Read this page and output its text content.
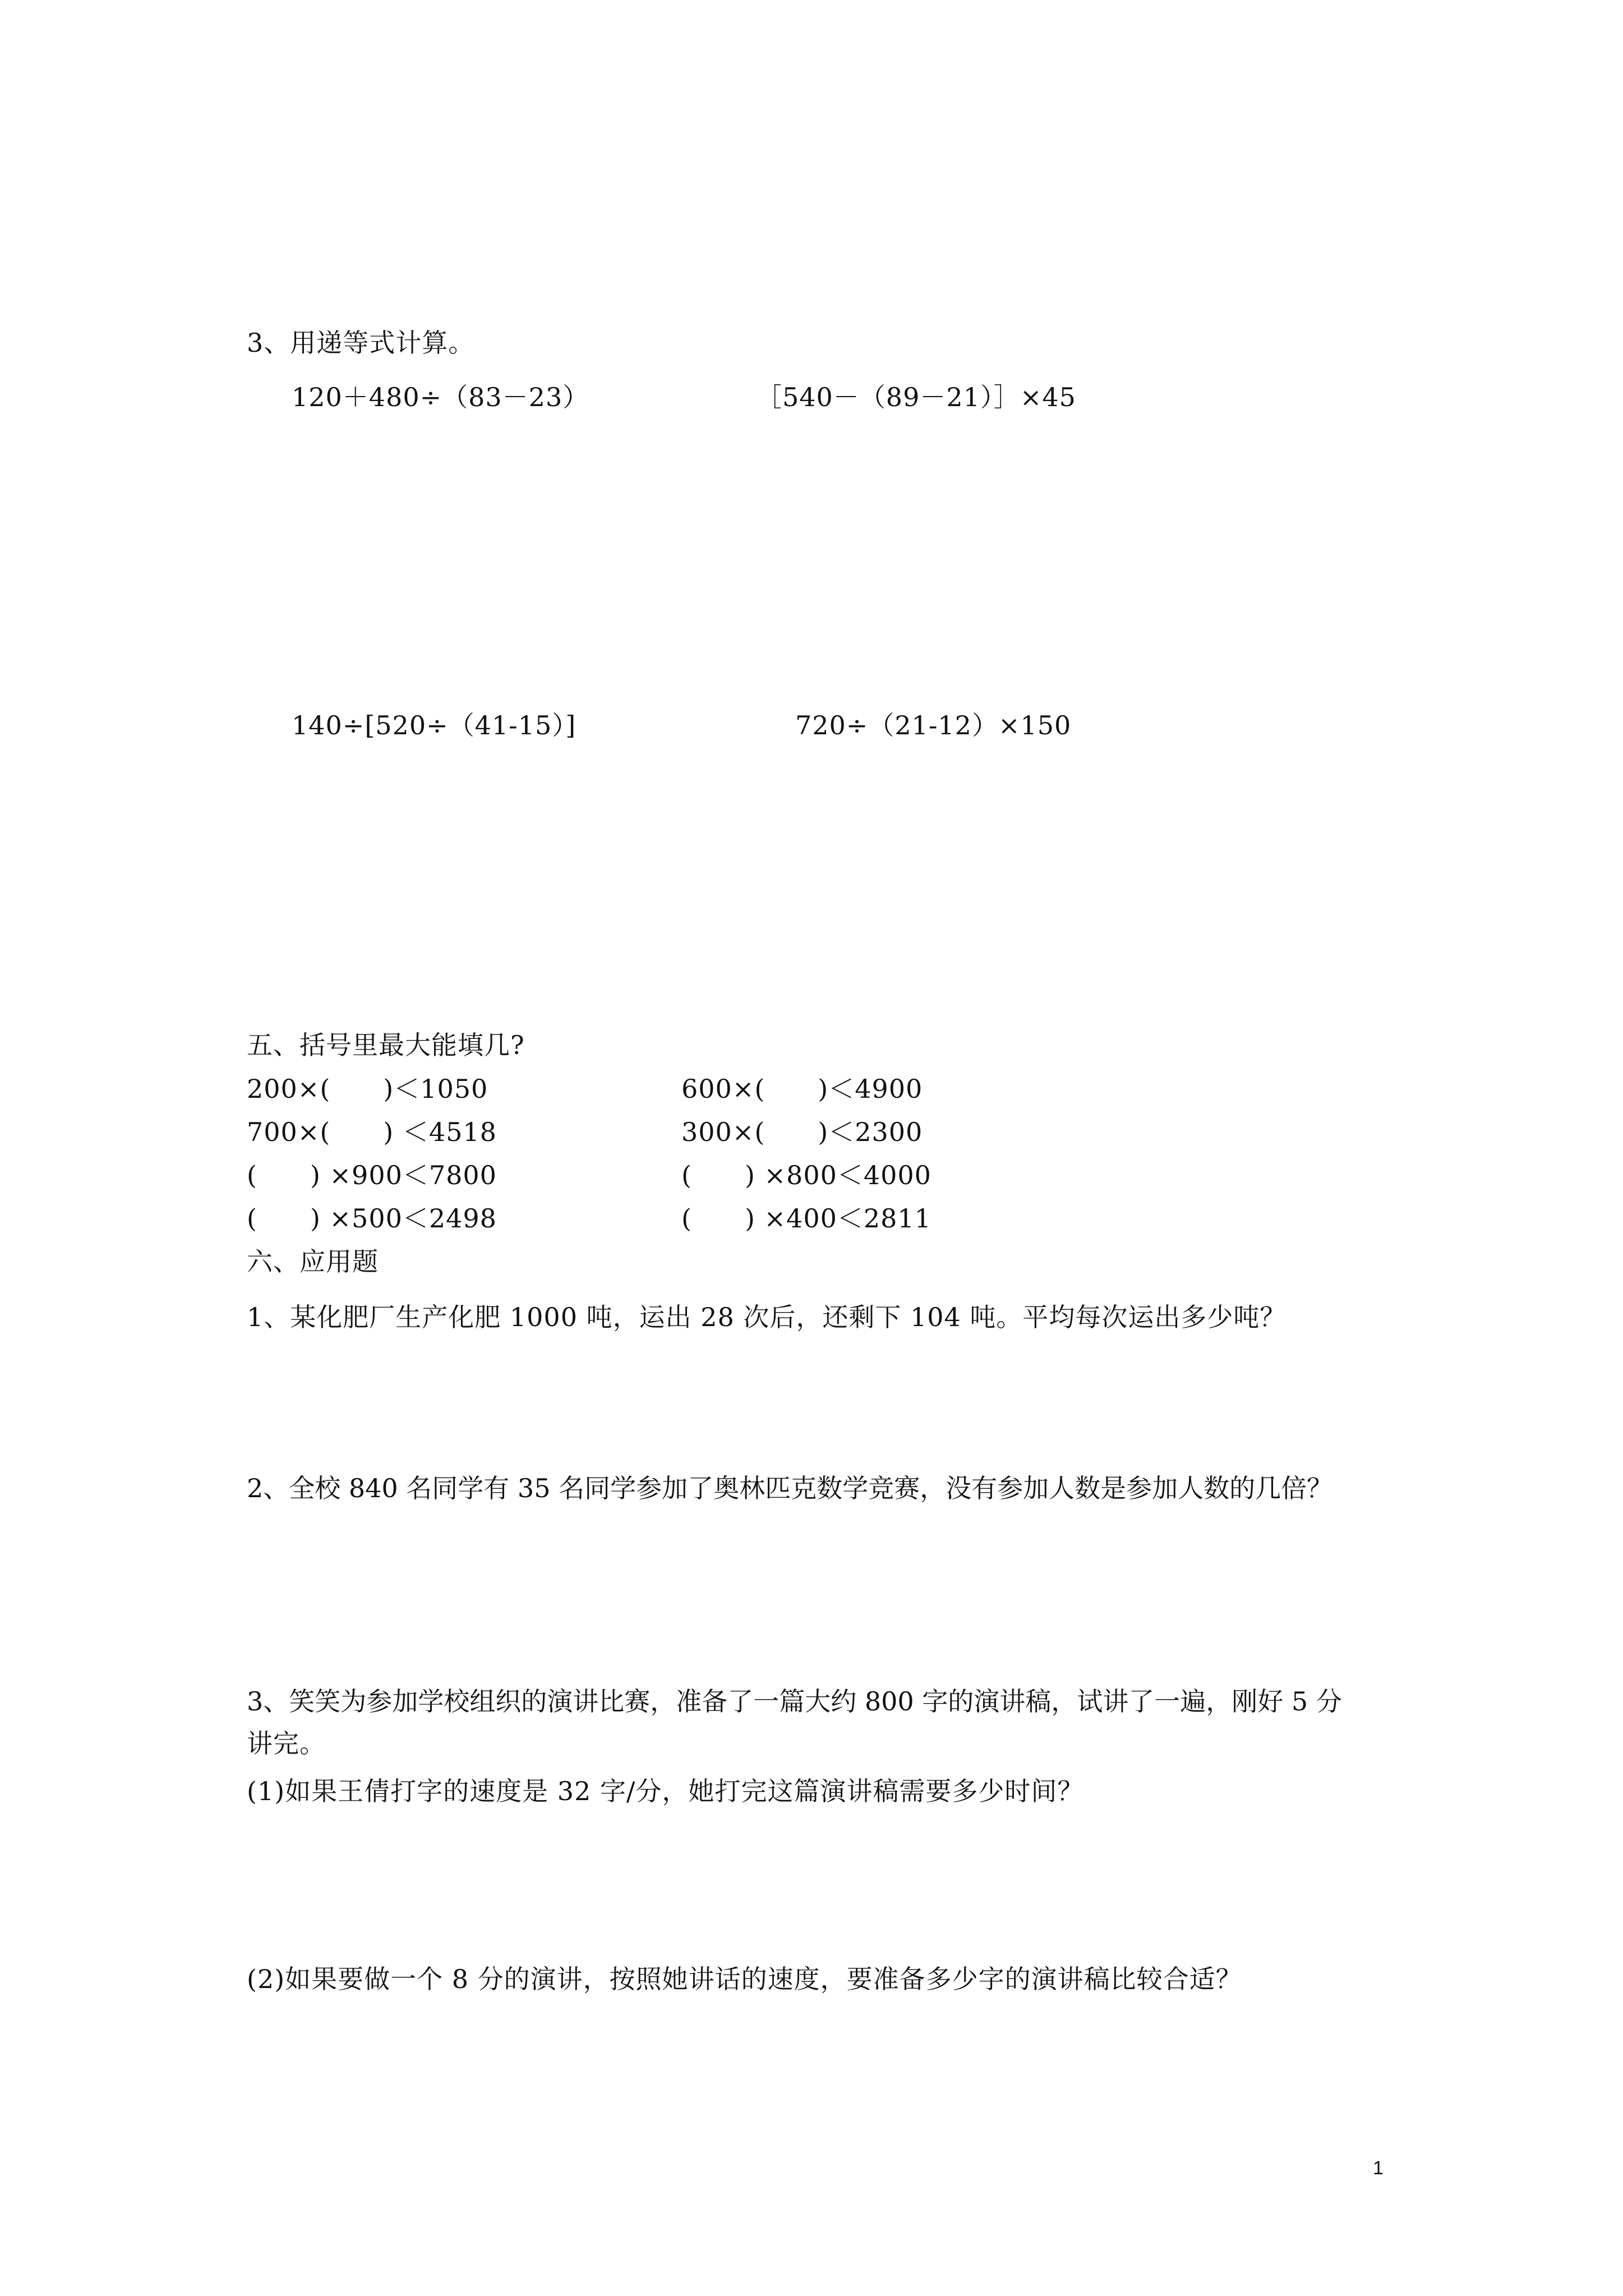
3、用递等式计算。
120＋480÷（83－23）	［540－（89－21）］×45
140÷[520÷（41-15）]	720÷（21-12）×150
五、括号里最大能填几?
200×(　　)＜1050	600×(　　)＜4900
700×(　　) ＜4518	300×(　　)＜2300
(　　) ×900＜7800	(　　) ×800＜4000
(　　) ×500＜2498	(　　) ×400＜2811
六、应用题
1、某化肥厂生产化肥 1000 吨，运出 28 次后，还剩下 104 吨。平均每次运出多少吨？
2、全校 840 名同学有 35 名同学参加了奥林匹克数学竞赛，没有参加人数是参加人数的几倍？
3、笑笑为参加学校组织的演讲比赛，准备了一篇大约 800 字的演讲稿，试讲了一遍，刚好 5 分
讲完。
(1)如果王倩打字的速度是 32 字/分，她打完这篇演讲稿需要多少时间？
(2)如果要做一个 8 分的演讲，按照她讲话的速度，要准备多少字的演讲稿比较合适？
1
